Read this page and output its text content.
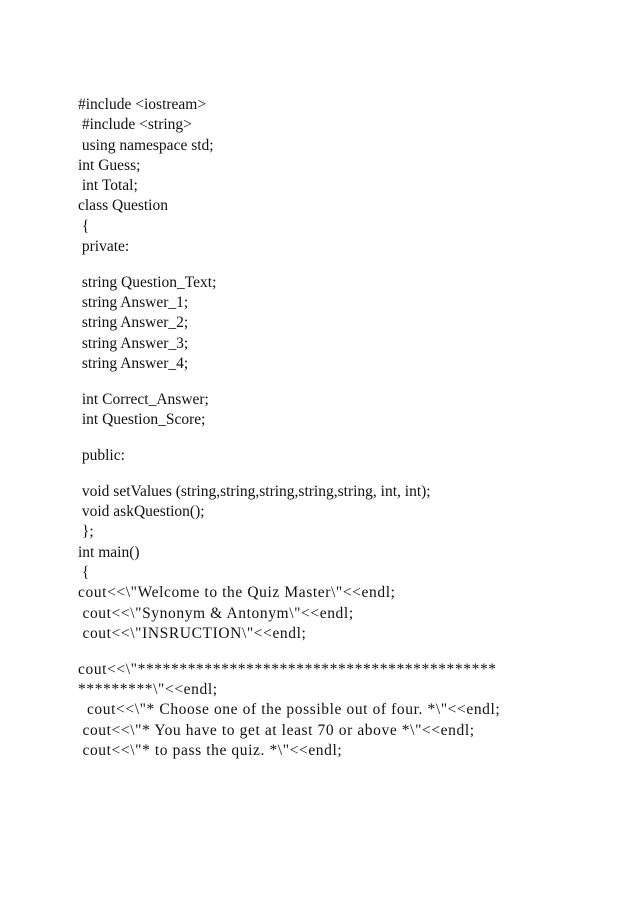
#include <iostream>
#include <string>
using namespace std;
int Guess;
int Total;
class Question
{
private:
string Question_Text;
string Answer_1;
string Answer_2;
string Answer_3;
string Answer_4;
int Correct_Answer;
int Question_Score;
public:
void setValues (string,string,string,string,string, int, int);
void askQuestion();
};
int main()
{
cout<<\"Welcome to the Quiz Master\"<<endl;
cout<<\"Synonym & Antonym\"<<endl;
cout<<\"INSRUCTION\"<<endl;
cout<<\"*******************************************
*********\"<<endl;
cout<<\"* Choose one of the possible out of four. *\"<<endl;
cout<<\"* You have to get at least 70 or above *\"<<endl;
cout<<\"* to pass the quiz. *\"<<endl;
